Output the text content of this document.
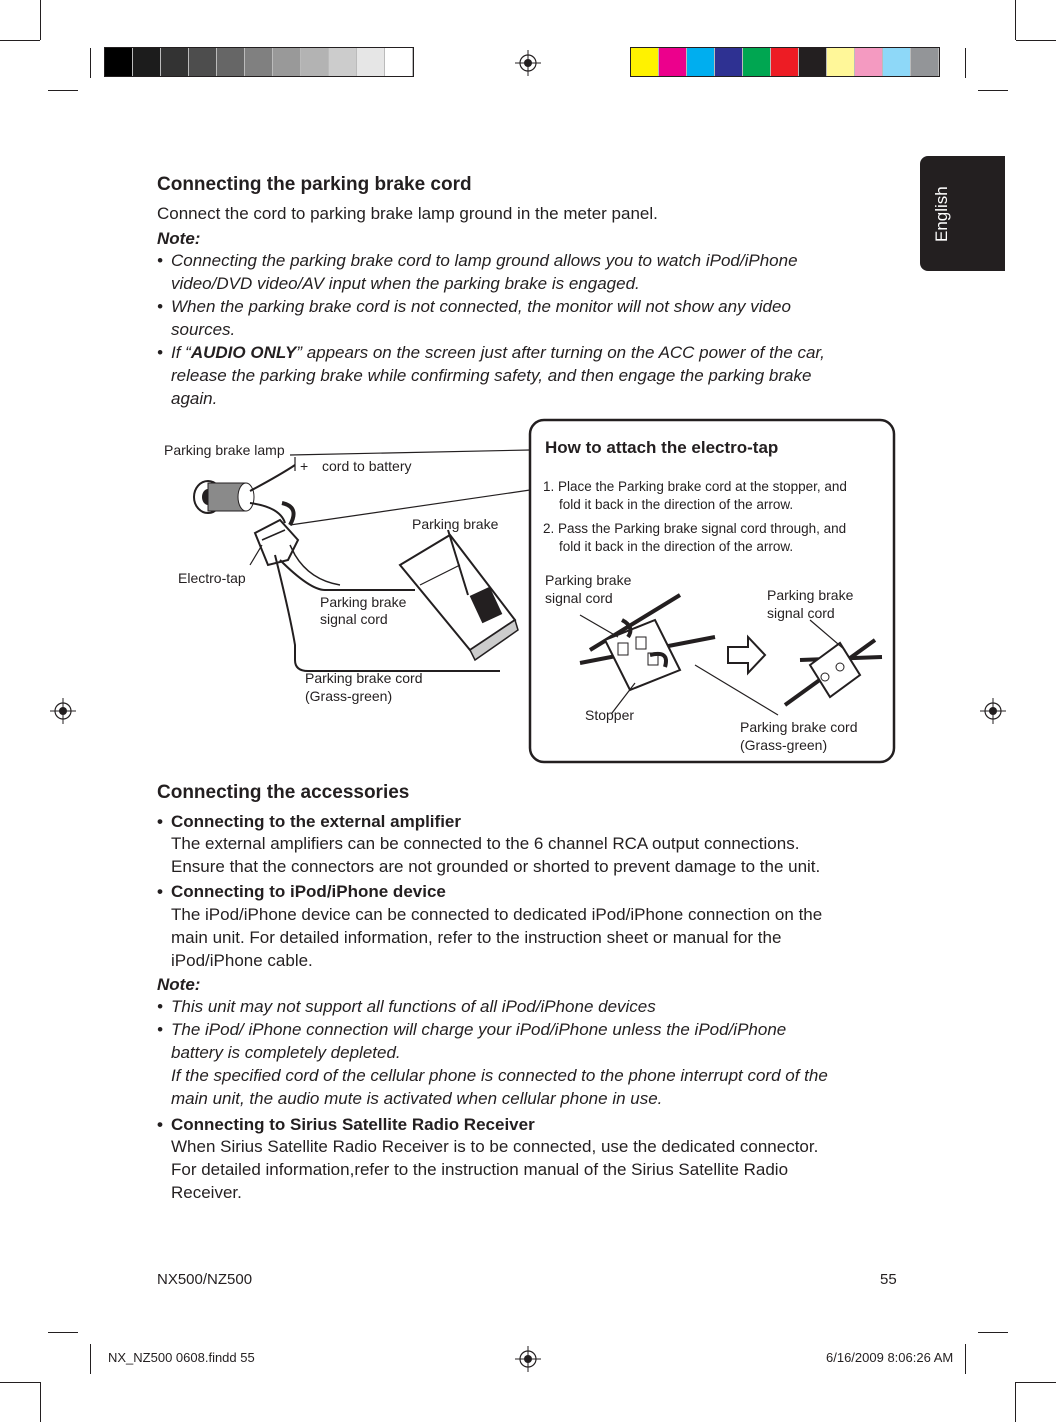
English
Connecting the parking brake cord

Connect the cord to parking brake lamp ground in the meter panel.

Note:

• Connecting the parking brake cord to lamp ground allows you to watch iPod/iPhone

video/DVD video/AV input when the parking brake is engaged.

• When the parking brake cord is not connected, the monitor will not show any video

sources.

• If “AUDIO ONLY” appears on the screen just after turning on the ACC power of the car,

release the parking brake while confirming safety, and then engage the parking brake

again.

Parking brake lamp
+ cord to battery
Parking brake
Electro-tap
Parking brake
signal cord
Parking brake cord
(Grass-green)
How to attach the electro-tap
1. Place the Parking brake cord at the stopper, and
fold it back in the direction of the arrow.
2. Pass the Parking brake signal cord through, and
fold it back in the direction of the arrow.
Parking brake
signal cord	Parking brake
signal cord
Stopper
Parking brake cord
(Grass-green)
Connecting the accessories
• Connecting to the external amplifier

The external amplifiers can be connected to the 6 channel RCA output connections.

Ensure that the connectors are not grounded or shorted to prevent damage to the unit.

• Connecting to iPod/iPhone device

The iPod/iPhone device can be connected to dedicated iPod/iPhone connection on the

main unit. For detailed information, refer to the instruction sheet or manual for the

iPod/iPhone cable.

Note:

• This unit may not support all functions of all iPod/iPhone devices

• The iPod/ iPhone connection will charge your iPod/iPhone unless the iPod/iPhone

battery is completely depleted.

If the specified cord of the cellular phone is connected to the phone interrupt cord of the

main unit, the audio mute is activated when cellular phone in use.

• Connecting to Sirius Satellite Radio Receiver

When Sirius Satellite Radio Receiver is to be connected, use the dedicated connector.

For detailed information,refer to the instruction manual of the Sirius Satellite Radio

Receiver.

NX500/NZ500	55
NX_NZ500 0608.findd 55	6/16/2009 8:06:26 AM
